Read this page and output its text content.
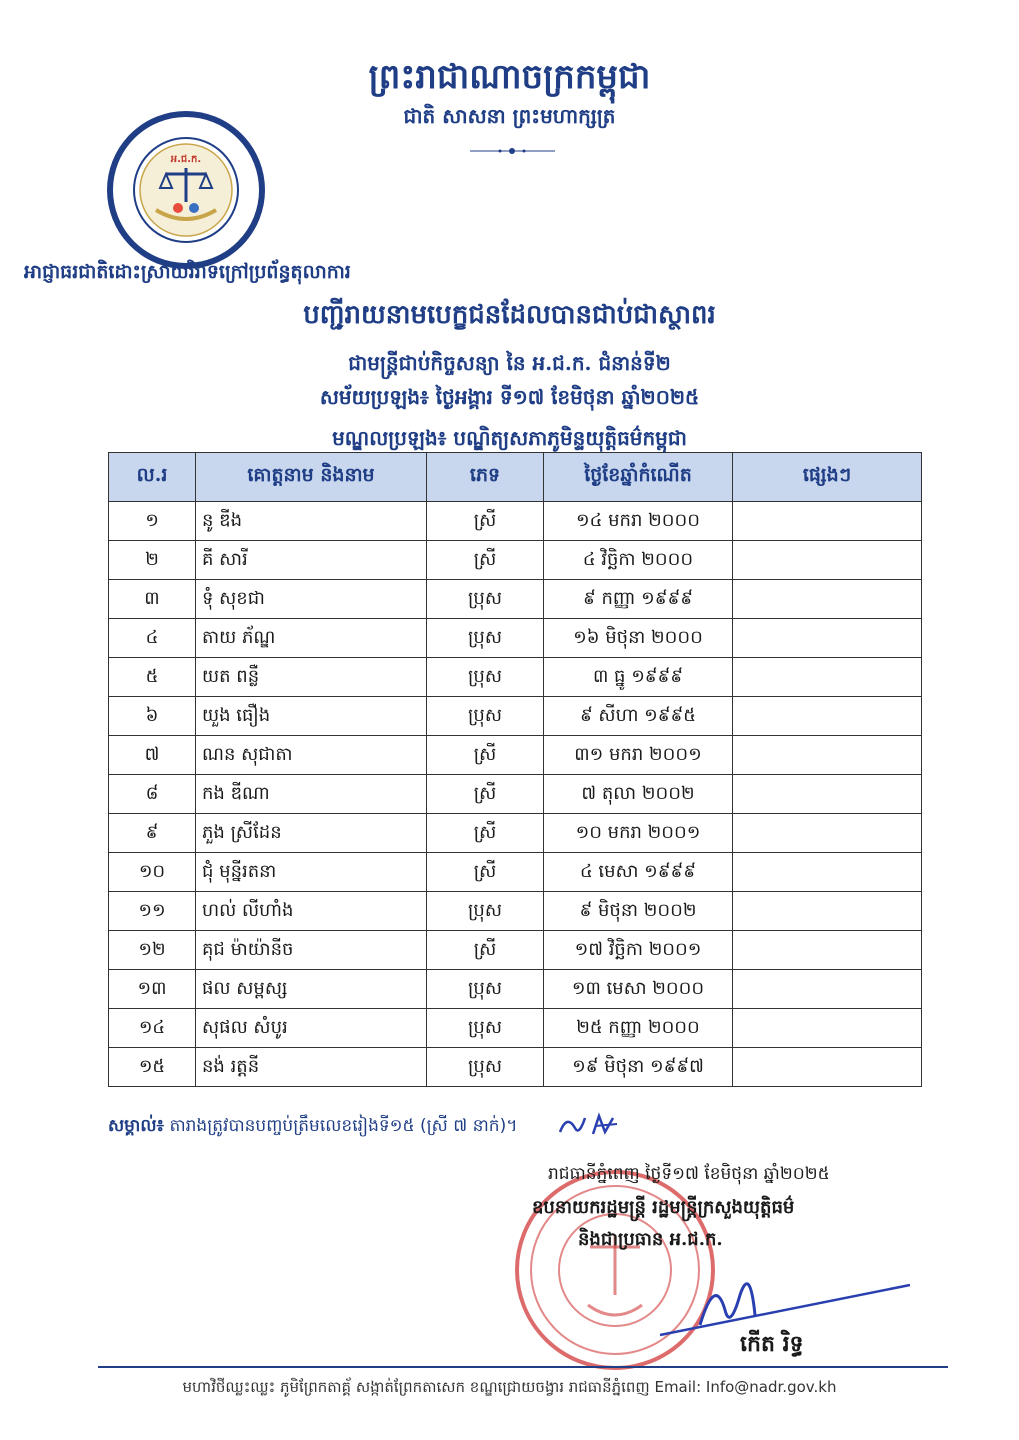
ព្រះរាជាណាចក្រកម្ពុជា
ជាតិ សាសនា ព្រះមហាក្សត្រ
អ.ជ.ក.
អាជ្ញាធរជាតិដោះស្រាយវិវាទក្រៅប្រព័ន្ធតុលាការ
បញ្ជីរាយនាមបេក្ខជនដែលបានជាប់ជាស្ថាពរ
ជាមន្ត្រីជាប់កិច្ចសន្យា នៃ អ.ជ.ក. ជំនាន់ទី២
សម័យប្រឡង៖ ថ្ងៃអង្គារ ទី១៧ ខែមិថុនា ឆ្នាំ២០២៥
មណ្ឌលប្រឡង៖ បណ្ឌិត្យសភាភូមិន្ទយុត្តិធម៌កម្ពុជា
ល.រ	គោត្តនាម និងនាម	ភេទ	ថ្ងៃខែឆ្នាំកំណើត	ផ្សេងៗ
១	នូ ឌីង	ស្រី	១៤ មករា ២០០០	
២	គី សារី	ស្រី	៤ វិច្ឆិកា ២០០០	
៣	ទុំ សុខជា	ប្រុស	៩ កញ្ញា ១៩៩៩	
៤	តាយ ភ័ណ្ឌ	ប្រុស	១៦ មិថុនា ២០០០	
៥	យត ពន្លឺ	ប្រុស	៣ ធ្នូ ១៩៩៩	
៦	យួង ធឿង	ប្រុស	៩ សីហា ១៩៩៥	
៧	ណន សុជាតា	ស្រី	៣១ មករា ២០០១	
៨	កង ឌីណា	ស្រី	៧ តុលា ២០០២	
៩	ភួង ស្រីដែន	ស្រី	១០ មករា ២០០១	
១០	ជុំ មុន្នីរតនា	ស្រី	៤ មេសា ១៩៩៩	
១១	ហល់ លីហាំង	ប្រុស	៩ មិថុនា ២០០២	
១២	គុជ ម៉ាយ៉ានីច	ស្រី	១៧ វិច្ឆិកា ២០០១	
១៣	ផល សម្ពស្ស	ប្រុស	១៣ មេសា ២០០០	
១៤	សុផល សំបូរ	ប្រុស	២៥ កញ្ញា ២០០០	
១៥	នង់ រត្តនី	ប្រុស	១៩ មិថុនា ១៩៩៧	
សម្គាល់៖ តារាងត្រូវបានបញ្ចប់ត្រឹមលេខរៀងទី១៥ (ស្រី ៧ នាក់)។
រាជធានីភ្នំពេញ ថ្ងៃទី១៧ ខែមិថុនា ឆ្នាំ២០២៥
ឧបនាយករដ្ឋមន្ត្រី រដ្ឋមន្ត្រីក្រសួងយុត្តិធម៌
និងជាប្រធាន អ.ជ.ក.
កើត រិទ្ធ
មហាវិថីឈ្លះឈ្លះ ភូមិព្រែកតាគ្គ័ សង្កាត់ព្រែកតាសេក ខណ្ឌជ្រោយចង្វារ រាជធានីភ្នំពេញ Email: Info@nadr.gov.kh
